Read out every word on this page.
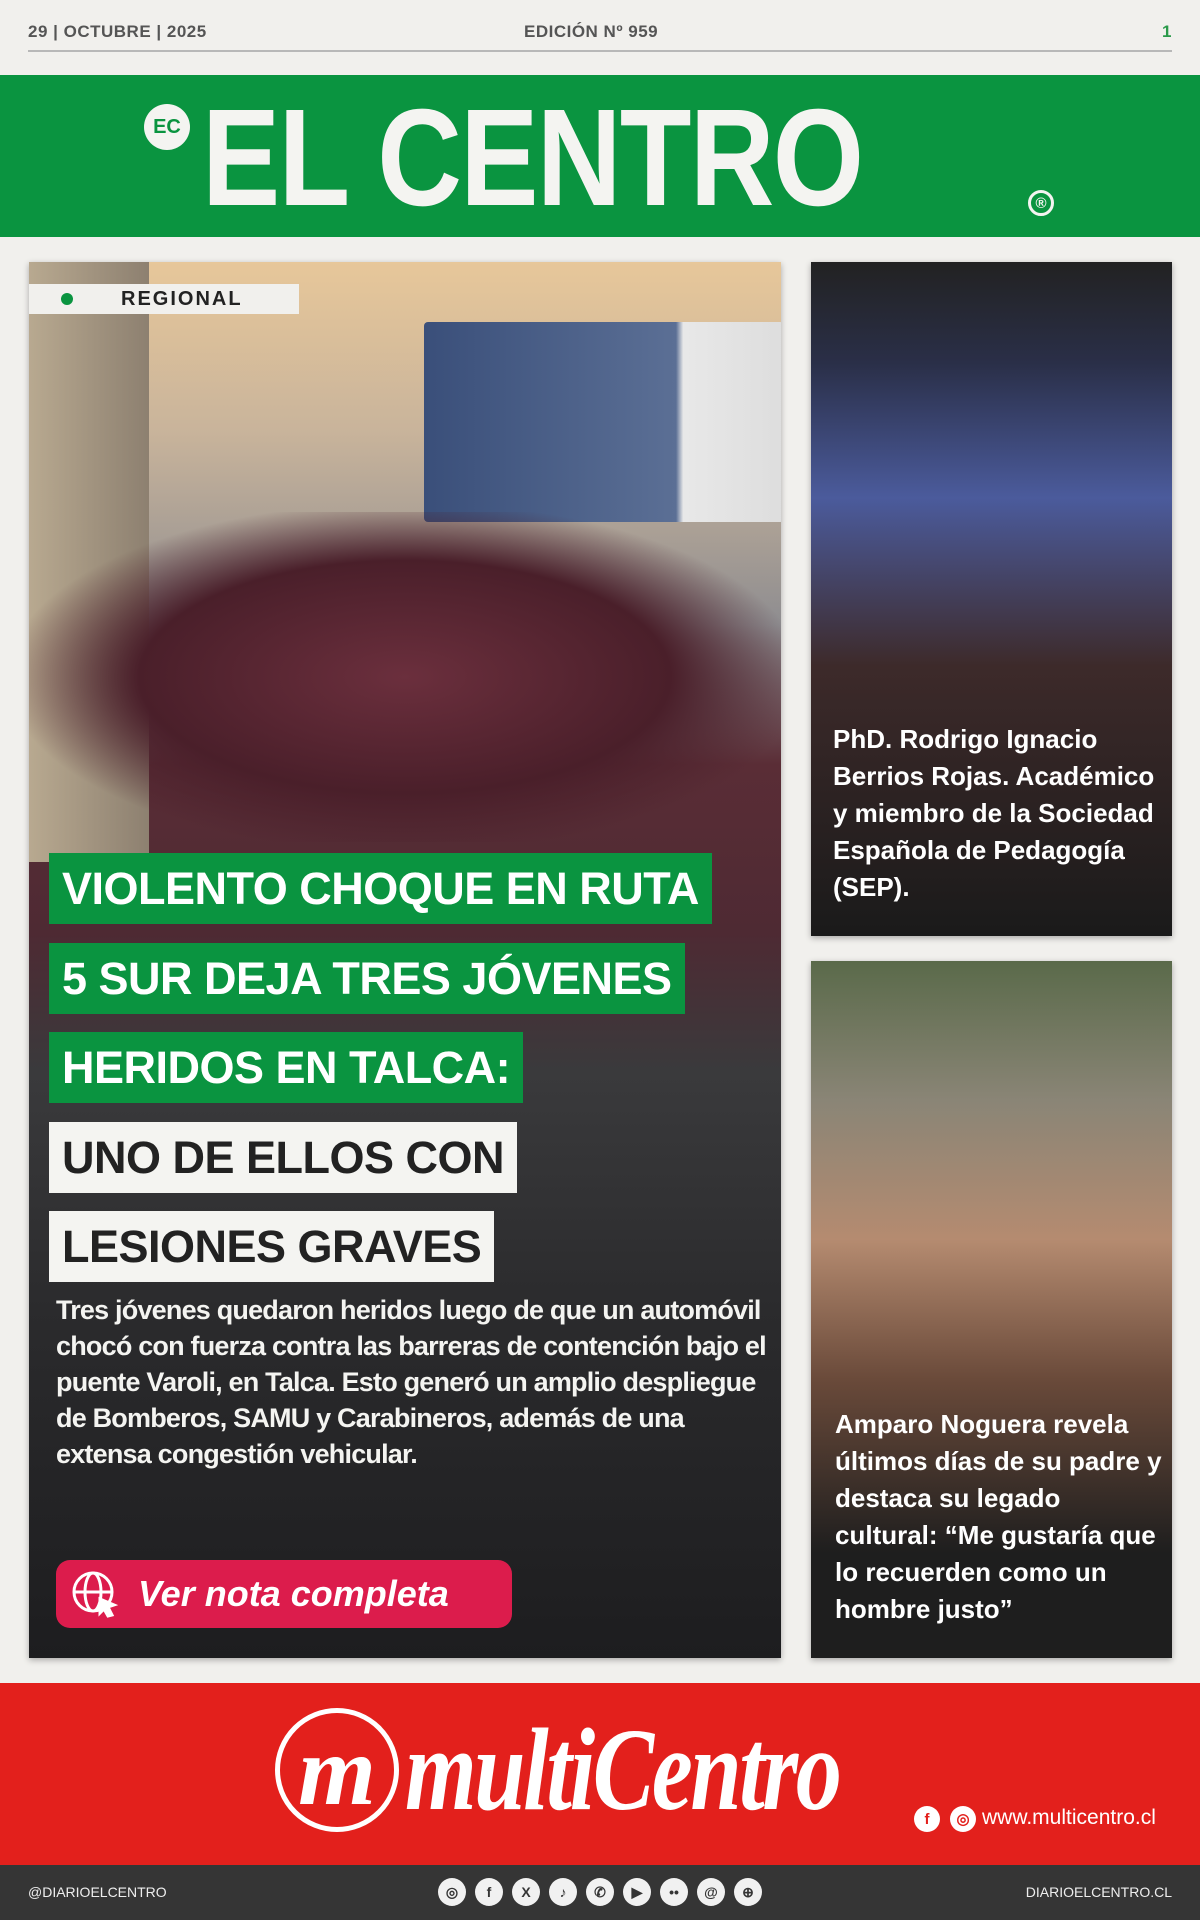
29 | OCTUBRE | 2025	EDICIÓN Nº 959	1
EC EL CENTRO	®
REGIONAL
VIOLENTO CHOQUE EN RUTA
5 SUR DEJA TRES JÓVENES
HERIDOS EN TALCA:
UNO DE ELLOS CON
LESIONES GRAVES
Tres jóvenes quedaron heridos luego de que un automóvil chocó con fuerza contra las barreras de contención bajo el puente Varoli, en Talca. Esto generó un amplio despliegue de Bomberos, SAMU y Carabineros, además de una extensa congestión vehicular.
Ver nota completa
PhD. Rodrigo Ignacio Berrios Rojas. Académico y miembro de la Sociedad Española de Pedagogía (SEP).
Amparo Noguera revela últimos días de su padre y destaca su legado cultural: “Me gustaría que lo recuerden como un hombre justo”
m multiCentro	f	◎ www.multicentro.cl
@DIARIOELCENTRO	DIARIOELCENTRO.CL
◎	f	X	♪	✆	▶	••	@	⊕
